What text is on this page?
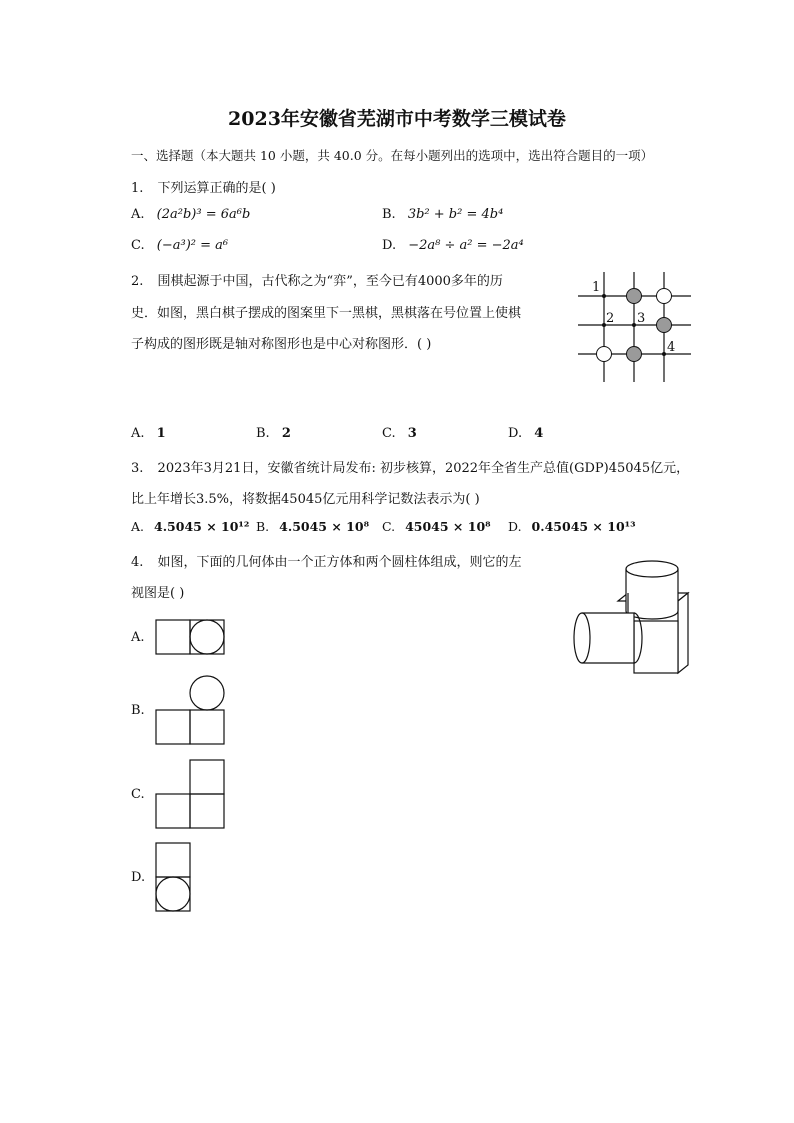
2023年安徽省芜湖市中考数学三模试卷
一、选择题（本大题共 10 小题，共 40.0 分。在每小题列出的选项中，选出符合题目的一项）
1. 下列运算正确的是( )
A. (2a²b)³ = 6a⁶b	B. 3b² + b² = 4b⁴
C. (−a³)² = a⁶	D. −2a⁸ ÷ a² = −2a⁴
2. 围棋起源于中国，古代称之为“弈”，至今已有4000多年的历
史．如图，黑白棋子摆成的图案里下一黑棋，黑棋落在号位置上使棋
子构成的图形既是轴对称图形也是中心对称图形．( )
1
2 3
4
A. 1	B. 2	C. 3	D. 4
3. 2023年3月21日，安徽省统计局发布: 初步核算，2022年全省生产总值(GDP)45045亿元，
比上年增长3.5%，将数据45045亿元用科学记数法表示为( )
A. 4.5045 × 10¹² B. 4.5045 × 10⁸ C. 45045 × 10⁸ D. 0.45045 × 10¹³
4. 如图，下面的几何体由一个正方体和两个圆柱体组成，则它的左
视图是( )
A.
B.
C.
D.
